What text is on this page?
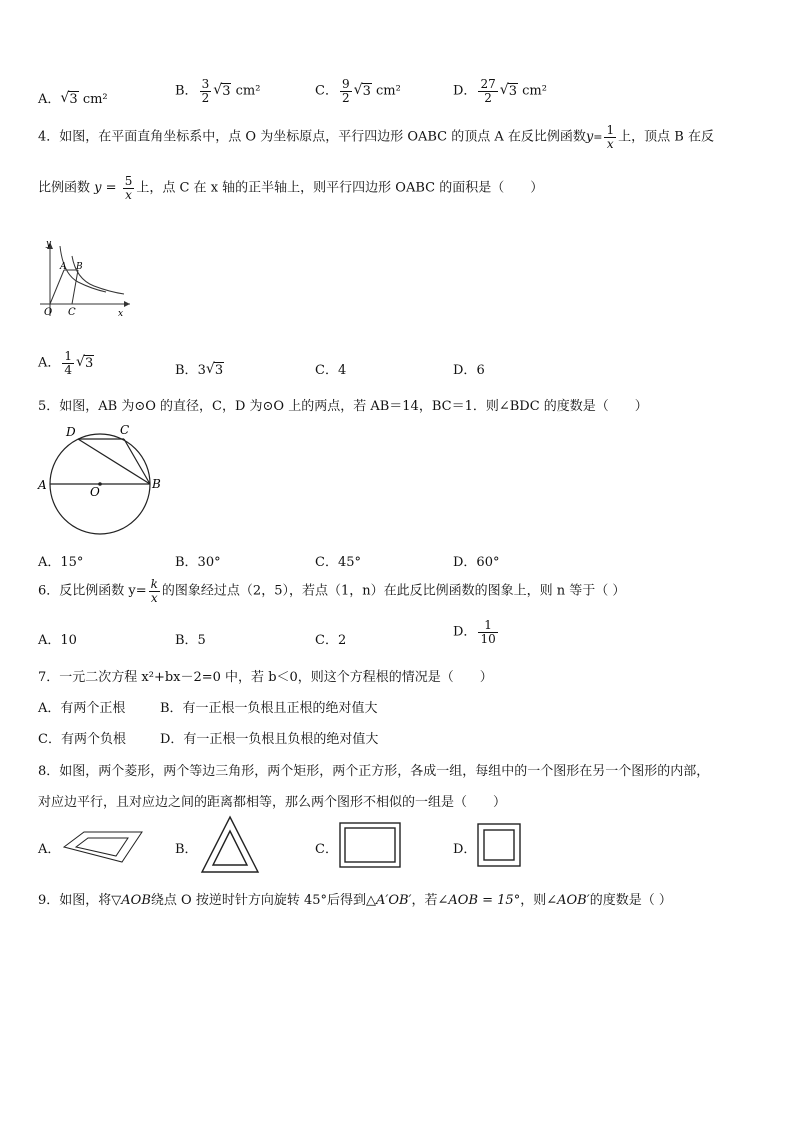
A． √ 3 cm²
B． $\frac{3}{2}$ √ 3 cm²	C． $\frac{9}{2}$ √ 3 cm²	D． $\frac{27}{2}$ √ 3 cm²
4．如图，在平面直角坐标系中，点 O 为坐标原点，平行四边形 OABC 的顶点 A 在反比例函数$y= \frac{1}{x}$ 上，顶点 B 在反
比例函数 $y = \frac{5}{x}$ 上，点 C 在 x 轴的正半轴上，则平行四边形 OABC 的面积是（　　）
y
x
O
A B
C
A． $\frac{1}{4}$ √ 3	B．3 √ 3	C．4	D．6
5．如图，AB 为⊙O 的直径，C，D 为⊙O 上的两点，若 AB＝14，BC＝1．则∠BDC 的度数是（　　）
A	B
C
D
O
A．15°	B．30°	C．45°	D．60°
6．反比例函数 $y= \frac{k}{x}$ 的图象经过点（2，5），若点（1，n）在此反比例函数的图象上，则 n 等于（ ）
A．10	B．5	C．2
D． $\frac{1}{10}$
7．一元二次方程 x²+bx－2=0 中，若 b＜0，则这个方程根的情况是（　　）
A．有两个正根	B．有一正根一负根且正根的绝对值大
C．有两个负根	D．有一正根一负根且负根的绝对值大
8．如图，两个菱形，两个等边三角形，两个矩形，两个正方形，各成一组，每组中的一个图形在另一个图形的内部，
对应边平行，且对应边之间的距离都相等，那么两个图形不相似的一组是（　　）
A．	B．	C．	D．
9．如图，将▽AOB绕点 O 按逆时针方向旋转 45°后得到△A′OB′，若∠AOB = 15°，则∠AOB′的度数是（ ）
